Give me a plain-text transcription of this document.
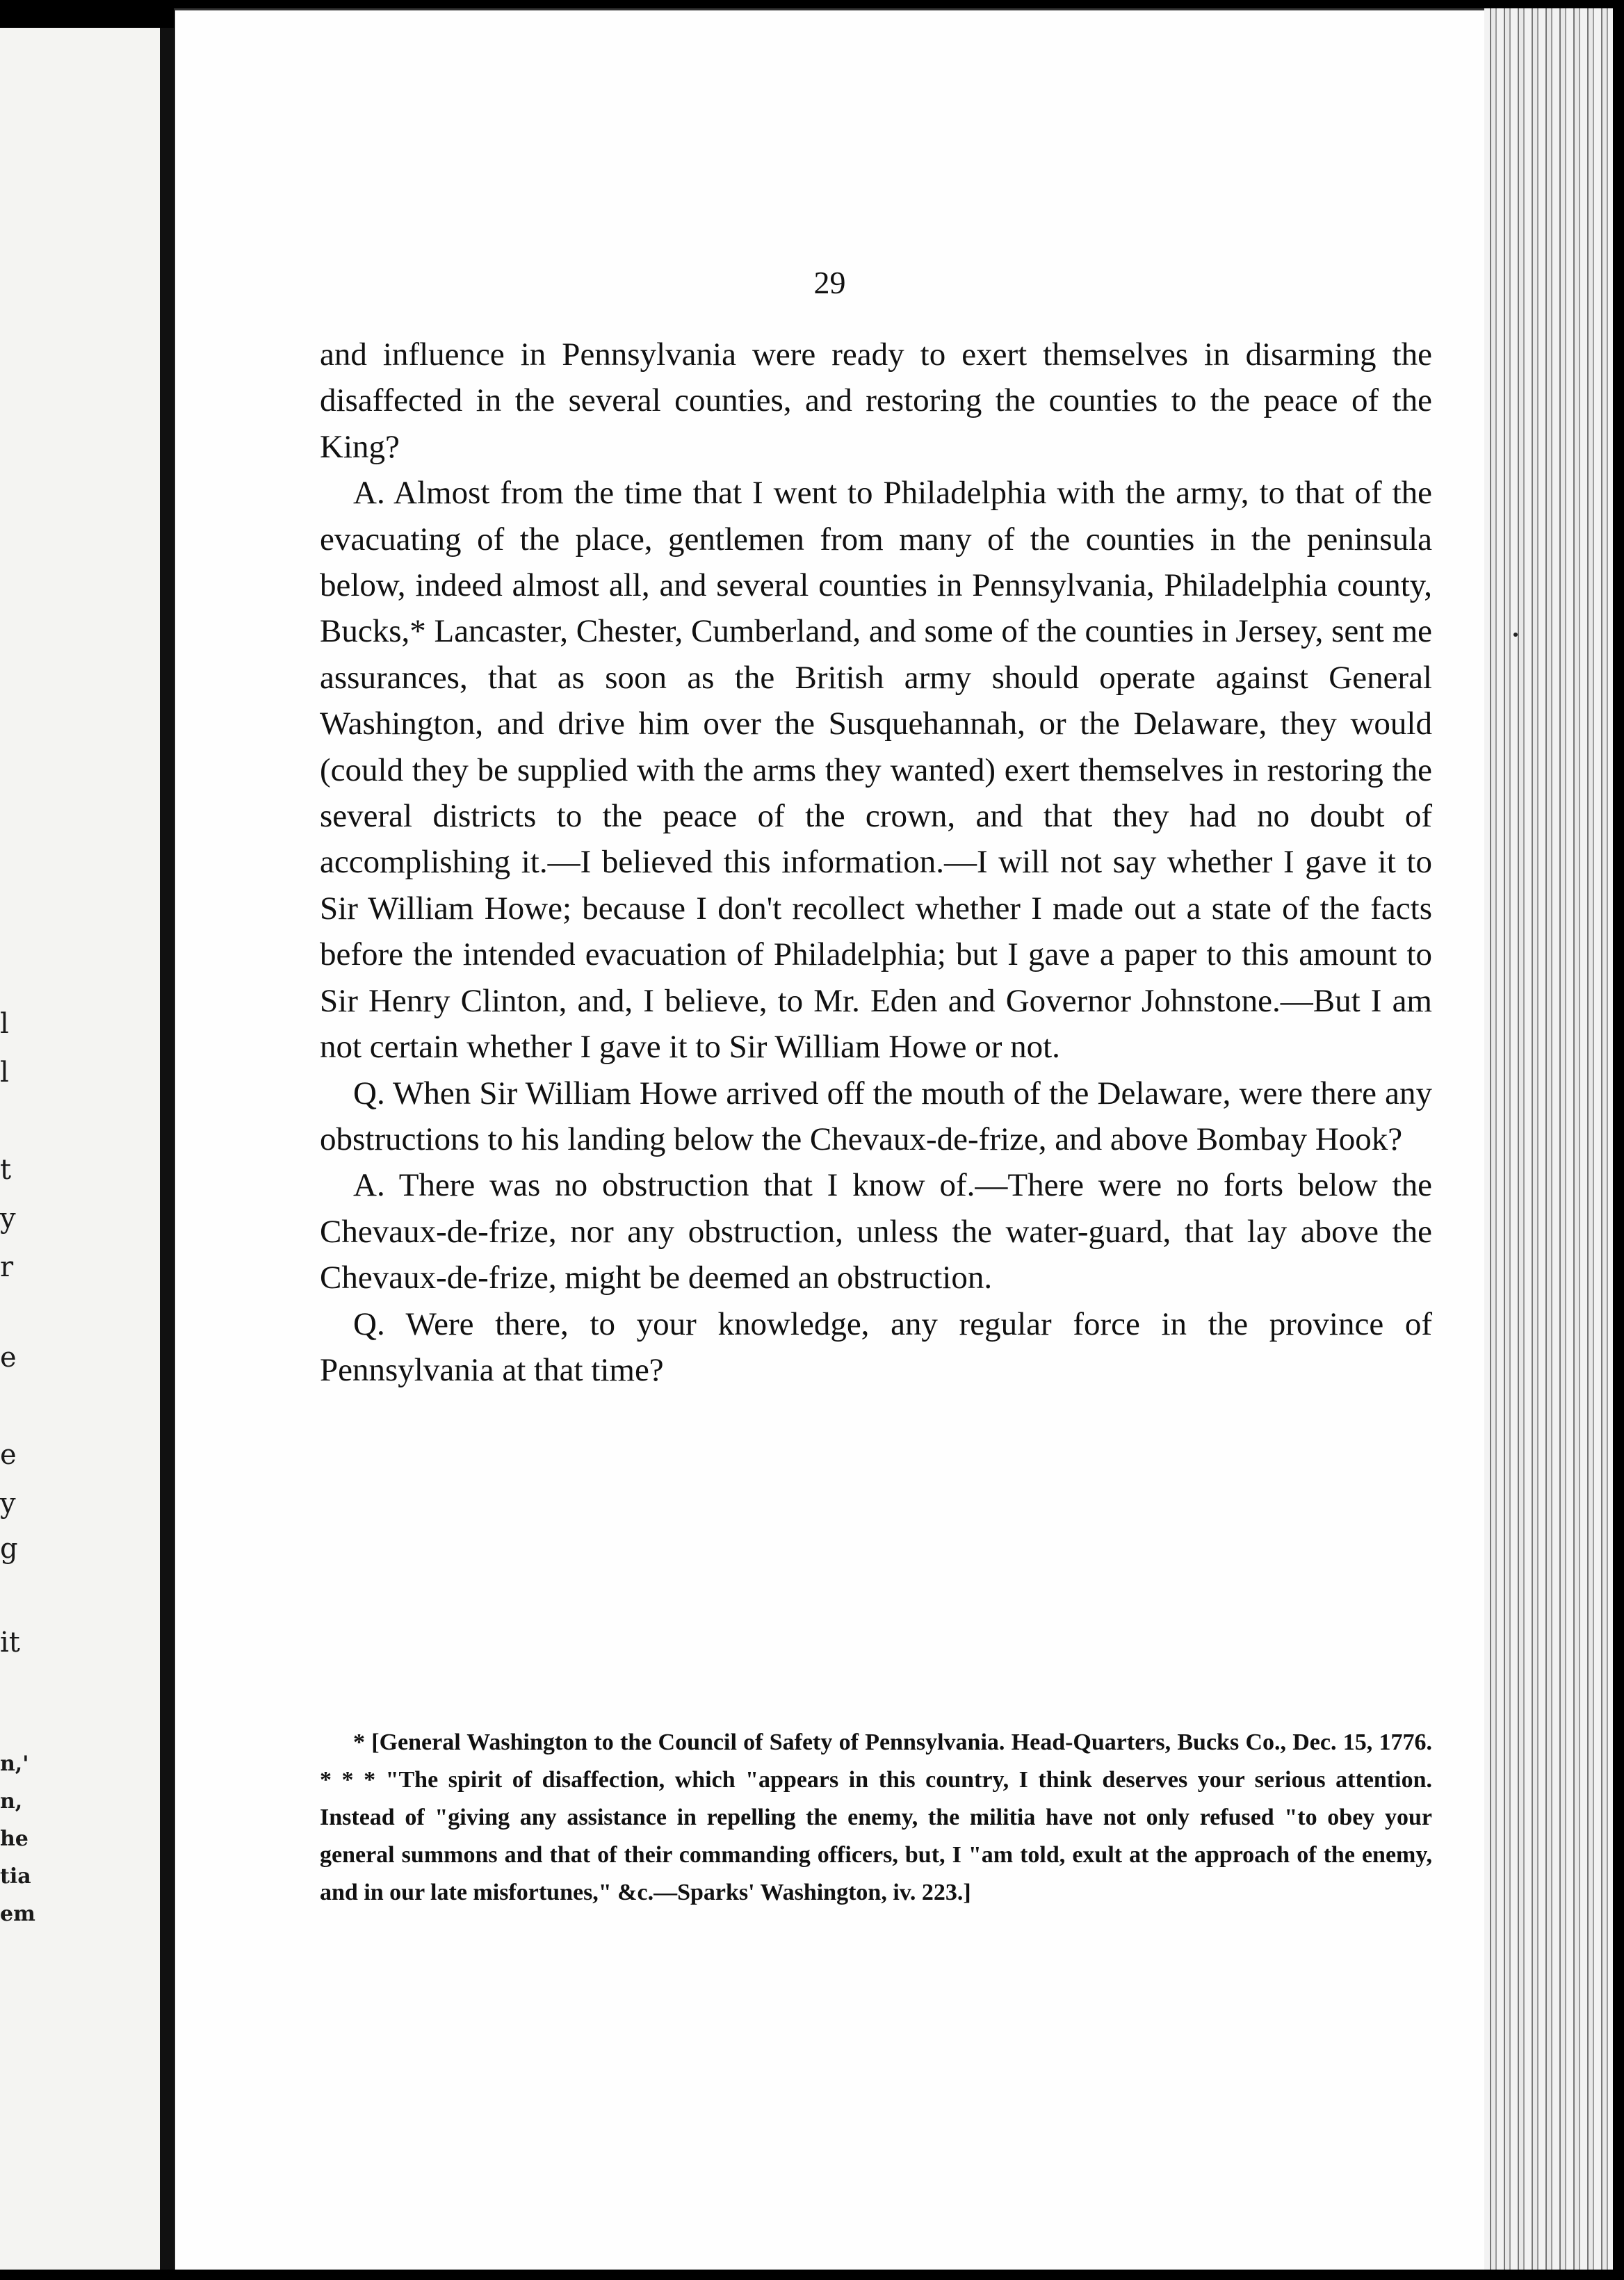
l
l
t
y
r
e
e
y
g
it
n,'
n,
he
tia
em
29

and influence in Pennsylvania were ready to exert themselves in disarming the disaffected in the several counties, and restoring the counties to the peace of the King?

A. Almost from the time that I went to Philadelphia with the army, to that of the evacuating of the place, gentlemen from many of the counties in the peninsula below, indeed almost all, and several counties in Pennsylvania, Philadelphia county, Bucks,* Lancaster, Chester, Cumberland, and some of the counties in Jersey, sent me assurances, that as soon as the British army should operate against General Washington, and drive him over the Susquehannah, or the Delaware, they would (could they be supplied with the arms they wanted) exert themselves in restoring the several districts to the peace of the crown, and that they had no doubt of accomplishing it.—I believed this information.—I will not say whether I gave it to Sir William Howe; because I don't recollect whether I made out a state of the facts before the intended evacuation of Philadelphia; but I gave a paper to this amount to Sir Henry Clinton, and, I believe, to Mr. Eden and Governor Johnstone.—But I am not certain whether I gave it to Sir William Howe or not.

Q. When Sir William Howe arrived off the mouth of the Delaware, were there any obstructions to his landing below the Chevaux-de-frize, and above Bombay Hook?

A. There was no obstruction that I know of.—There were no forts below the Chevaux-de-frize, nor any obstruction, unless the water-guard, that lay above the Chevaux-de-frize, might be deemed an obstruction.

Q. Were there, to your knowledge, any regular force in the province of Pennsylvania at that time?

* [General Washington to the Council of Safety of Pennsylvania. Head-Quarters, Bucks Co., Dec. 15, 1776. * * * "The spirit of disaffection, which "appears in this country, I think deserves your serious attention. Instead of "giving any assistance in repelling the enemy, the militia have not only refused "to obey your general summons and that of their commanding officers, but, I "am told, exult at the approach of the enemy, and in our late misfortunes," &c.—Sparks' Washington, iv. 223.]
